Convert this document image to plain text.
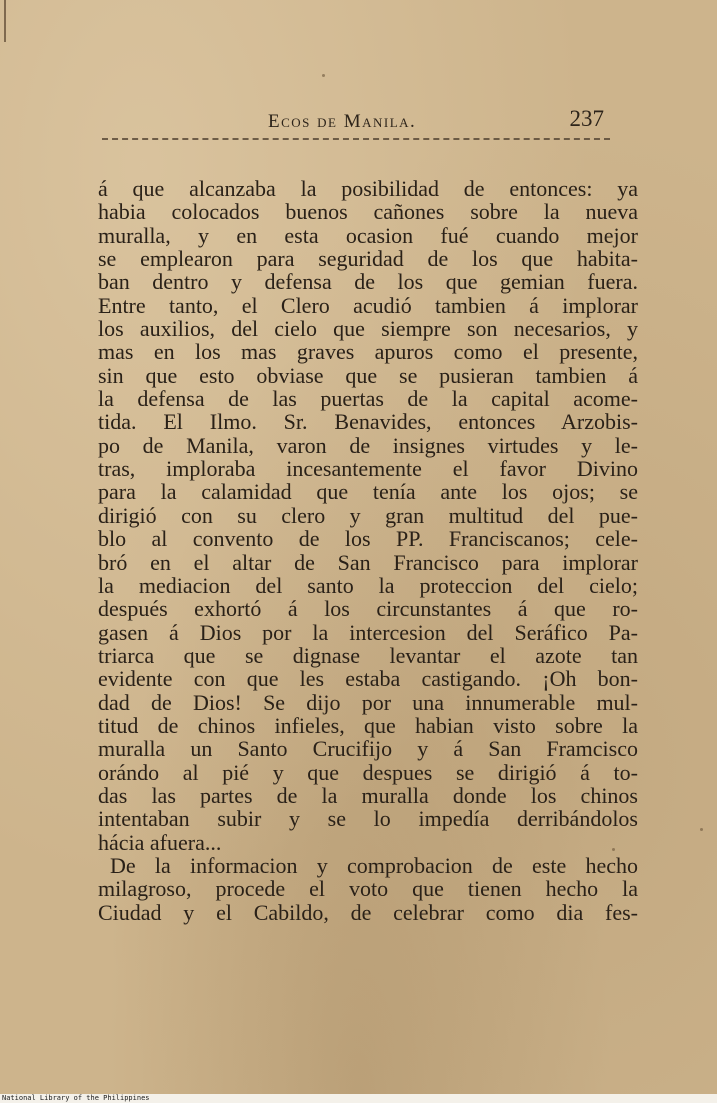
Ecos de Manila.	237
á que alcanzaba la posibilidad de entonces: ya
habia colocados buenos cañones sobre la nueva
muralla, y en esta ocasion fué cuando mejor
se emplearon para seguridad de los que habita-
ban dentro y defensa de los que gemian fuera.
Entre tanto, el Clero acudió tambien á implorar
los auxilios, del cielo que siempre son necesarios, y
mas en los mas graves apuros como el presente,
sin que esto obviase que se pusieran tambien á
la defensa de las puertas de la capital acome-
tida. El Ilmo. Sr. Benavides, entonces Arzobis-
po de Manila, varon de insignes virtudes y le-
tras, imploraba incesantemente el favor Divino
para la calamidad que tenía ante los ojos; se
dirigió con su clero y gran multitud del pue-
blo al convento de los PP. Franciscanos; cele-
bró en el altar de San Francisco para implorar
la mediacion del santo la proteccion del cielo;
después exhortó á los circunstantes á que ro-
gasen á Dios por la intercesion del Seráfico Pa-
triarca que se dignase levantar el azote tan
evidente con que les estaba castigando. ¡Oh bon-
dad de Dios! Se dijo por una innumerable mul-
titud de chinos infieles, que habian visto sobre la
muralla un Santo Crucifijo y á San Framcisco
orándo al pié y que despues se dirigió á to-
das las partes de la muralla donde los chinos
intentaban subir y se lo impedía derribándolos
hácia afuera...
De la informacion y comprobacion de este hecho
milagroso, procede el voto que tienen hecho la
Ciudad y el Cabildo, de celebrar como dia fes-
National Library of the Philippines
